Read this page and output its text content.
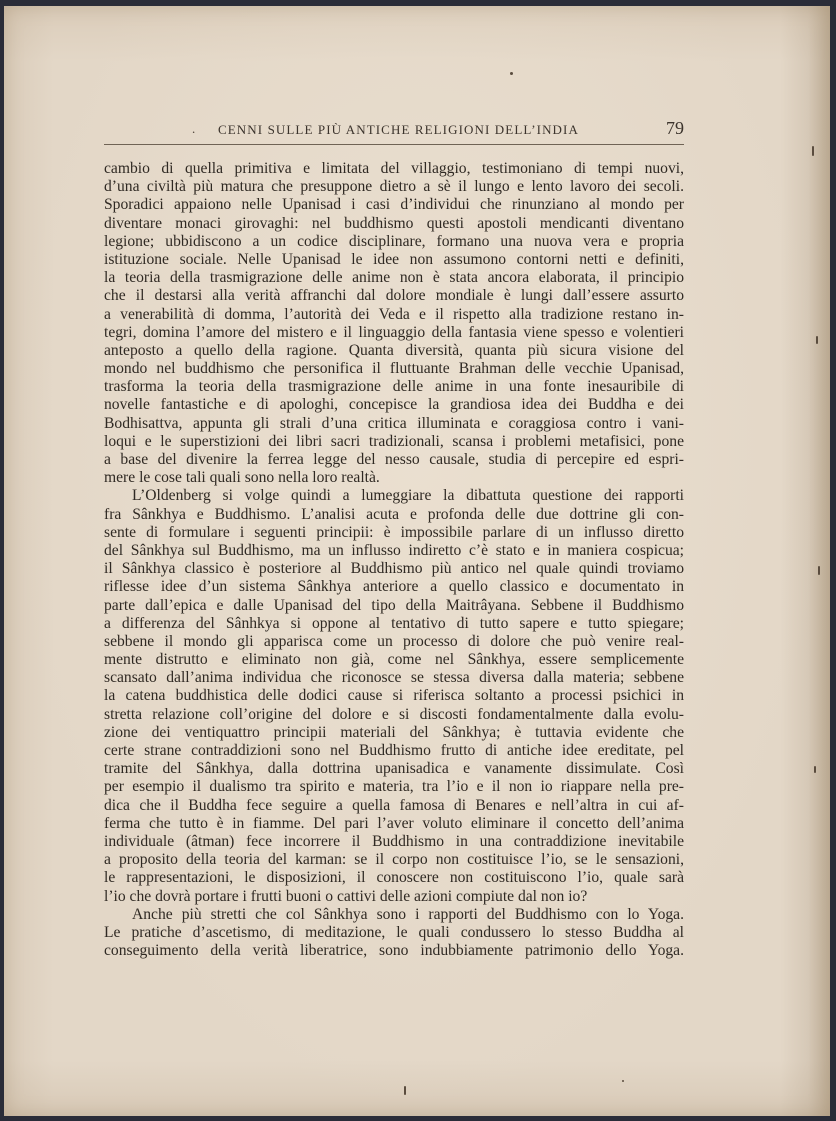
. CENNI SULLE PIÙ ANTICHE RELIGIONI DELL’INDIA	79
cambio di quella primitiva e limitata del villaggio, testimoniano di tempi nuovi,
d’una civiltà più matura che presuppone dietro a sè il lungo e lento lavoro dei secoli.
Sporadici appaiono nelle Upanisad i casi d’individui che rinunziano al mondo per
diventare monaci girovaghi: nel buddhismo questi apostoli mendicanti diventano
legione; ubbidiscono a un codice disciplinare, formano una nuova vera e propria
istituzione sociale. Nelle Upanisad le idee non assumono contorni netti e definiti,
la teoria della trasmigrazione delle anime non è stata ancora elaborata, il principio
che il destarsi alla verità affranchi dal dolore mondiale è lungi dall’essere assurto
a venerabilità di domma, l’autorità dei Veda e il rispetto alla tradizione restano in-
tegri, domina l’amore del mistero e il linguaggio della fantasia viene spesso e volentieri
anteposto a quello della ragione. Quanta diversità, quanta più sicura visione del
mondo nel buddhismo che personifica il fluttuante Brahman delle vecchie Upanisad,
trasforma la teoria della trasmigrazione delle anime in una fonte inesauribile di
novelle fantastiche e di apologhi, concepisce la grandiosa idea dei Buddha e dei
Bodhisattva, appunta gli strali d’una critica illuminata e coraggiosa contro i vani-
loqui e le superstizioni dei libri sacri tradizionali, scansa i problemi metafisici, pone
a base del divenire la ferrea legge del nesso causale, studia di percepire ed espri-
mere le cose tali quali sono nella loro realtà.
L’Oldenberg si volge quindi a lumeggiare la dibattuta questione dei rapporti
fra Sânkhya e Buddhismo. L’analisi acuta e profonda delle due dottrine gli con-
sente di formulare i seguenti principii: è impossibile parlare di un influsso diretto
del Sânkhya sul Buddhismo, ma un influsso indiretto c’è stato e in maniera cospicua;
il Sânkhya classico è posteriore al Buddhismo più antico nel quale quindi troviamo
riflesse idee d’un sistema Sânkhya anteriore a quello classico e documentato in
parte dall’epica e dalle Upanisad del tipo della Maitrâyana. Sebbene il Buddhismo
a differenza del Sânhkya si oppone al tentativo di tutto sapere e tutto spiegare;
sebbene il mondo gli apparisca come un processo di dolore che può venire real-
mente distrutto e eliminato non già, come nel Sânkhya, essere semplicemente
scansato dall’anima individua che riconosce se stessa diversa dalla materia; sebbene
la catena buddhistica delle dodici cause si riferisca soltanto a processi psichici in
stretta relazione coll’origine del dolore e si discosti fondamentalmente dalla evolu-
zione dei ventiquattro principii materiali del Sânkhya; è tuttavia evidente che
certe strane contraddizioni sono nel Buddhismo frutto di antiche idee ereditate, pel
tramite del Sânkhya, dalla dottrina upanisadica e vanamente dissimulate. Così
per esempio il dualismo tra spirito e materia, tra l’io e il non io riappare nella pre-
dica che il Buddha fece seguire a quella famosa di Benares e nell’altra in cui af-
ferma che tutto è in fiamme. Del pari l’aver voluto eliminare il concetto dell’anima
individuale (âtman) fece incorrere il Buddhismo in una contraddizione inevitabile
a proposito della teoria del karman: se il corpo non costituisce l’io, se le sensazioni,
le rappresentazioni, le disposizioni, il conoscere non costituiscono l’io, quale sarà
l’io che dovrà portare i frutti buoni o cattivi delle azioni compiute dal non io?
Anche più stretti che col Sânkhya sono i rapporti del Buddhismo con lo Yoga.
Le pratiche d’ascetismo, di meditazione, le quali condussero lo stesso Buddha al
conseguimento della verità liberatrice, sono indubbiamente patrimonio dello Yoga.
